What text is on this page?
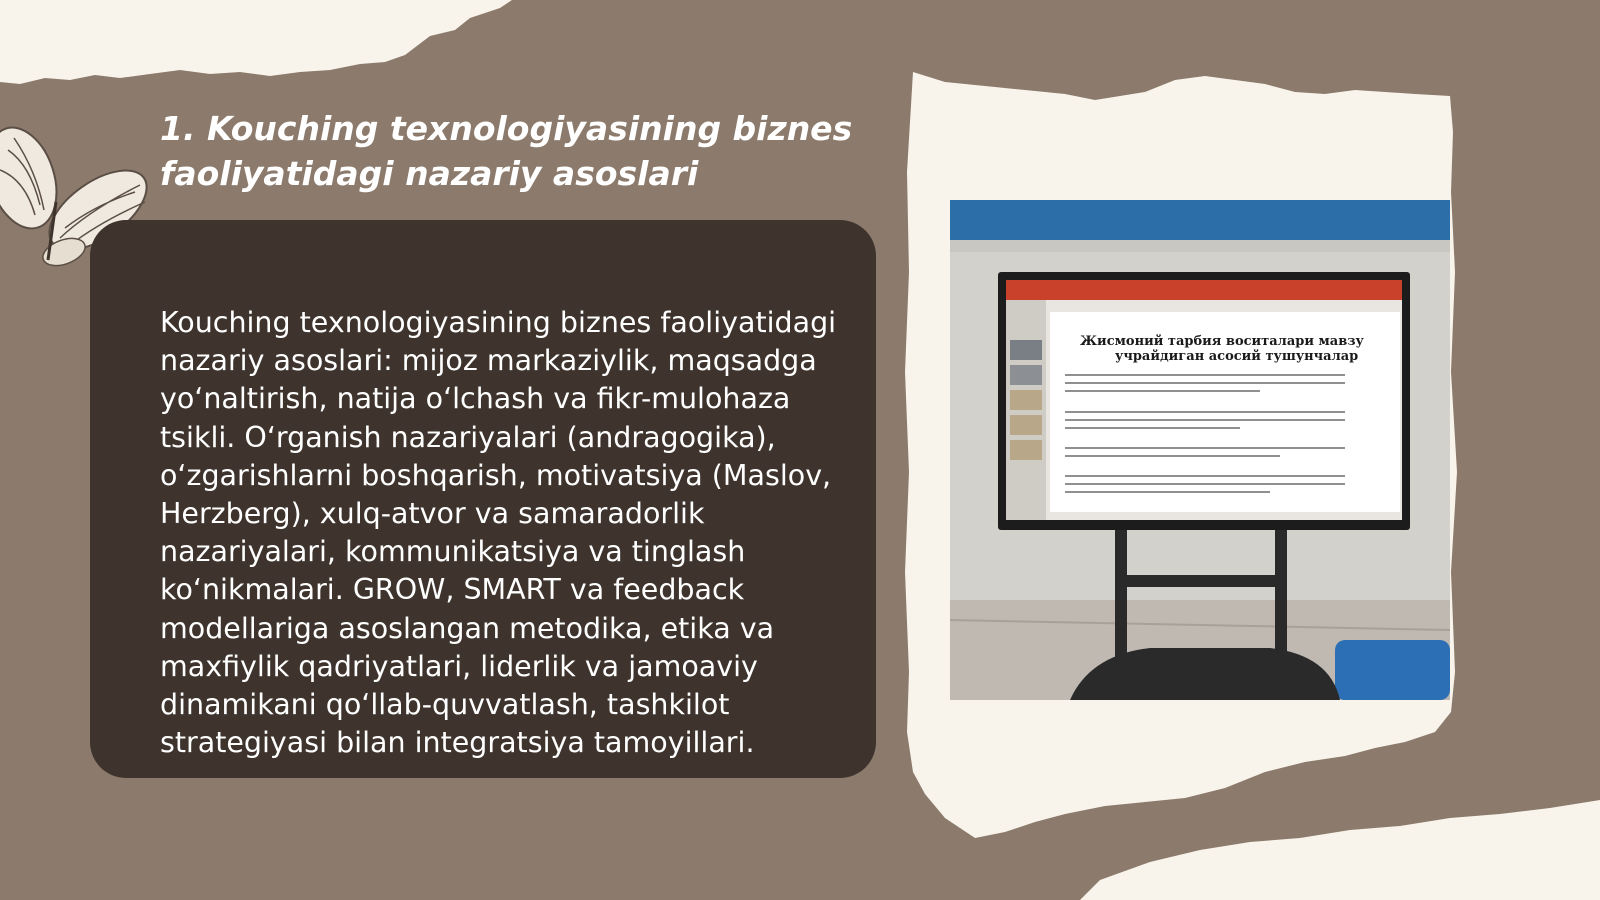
1. Kouching texnologiyasining biznes faoliyatidagi nazariy asoslari

Kouching texnologiyasining biznes faoliyatidagi nazariy asoslari: mijoz markaziylik, maqsadga yo‘naltirish, natija o‘lchash va fikr-mulohaza tsikli. O‘rganish nazariyalari (andragogika), o‘zgarishlarni boshqarish, motivatsiya (Maslov, Herzberg), xulq-atvor va samaradorlik nazariyalari, kommunikatsiya va tinglash ko‘nikmalari. GROW, SMART va feedback modellariga asoslangan metodika, etika va maxfiylik qadriyatlari, liderlik va jamoaviy dinamikani qo‘llab-quvvatlash, tashkilot strategiyasi bilan integratsiya tamoyillari.

Жисмоний тарбия воситалари мавзу
учрайдиган асосий тушунчалар
